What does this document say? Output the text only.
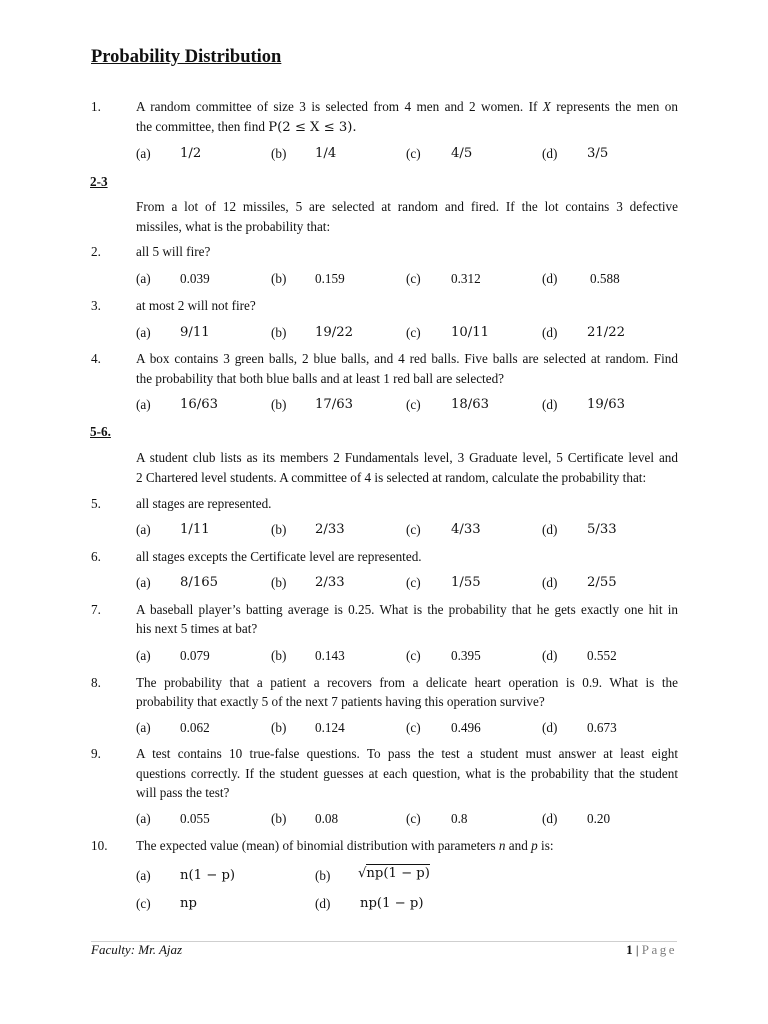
Probability Distribution
1.	A random committee of size 3 is selected from 4 men and 2 women. If X represents the men on
the committee, then find P(2 ≤ X ≤ 3).
(a) 1/2	(b) 1/4	(c) 4/5	(d) 3/5
2-3
From a lot of 12 missiles, 5 are selected at random and fired. If the lot contains 3 defective
missiles, what is the probability that:
2.	all 5 will fire?
(a) 0.039	(b) 0.159	(c) 0.312	(d) 0.588
3.	at most 2 will not fire?
(a) 9/11	(b) 19/22	(c) 10/11	(d) 21/22
4.	A box contains 3 green balls, 2 blue balls, and 4 red balls. Five balls are selected at random. Find
the probability that both blue balls and at least 1 red ball are selected?
(a) 16/63	(b) 17/63	(c) 18/63	(d) 19/63
5-6.
A student club lists as its members 2 Fundamentals level, 3 Graduate level, 5 Certificate level and
2 Chartered level students. A committee of 4 is selected at random, calculate the probability that:
5.	all stages are represented.
(a) 1/11	(b) 2/33	(c) 4/33	(d) 5/33
6.	all stages excepts the Certificate level are represented.
(a) 8/165	(b) 2/33	(c) 1/55	(d) 2/55
7.	A baseball player’s batting average is 0.25. What is the probability that he gets exactly one hit in
his next 5 times at bat?
(a) 0.079	(b) 0.143	(c) 0.395	(d) 0.552
8.	The probability that a patient a recovers from a delicate heart operation is 0.9. What is the
probability that exactly 5 of the next 7 patients having this operation survive?
(a) 0.062	(b) 0.124	(c) 0.496	(d) 0.673
9.	A test contains 10 true-false questions. To pass the test a student must answer at least eight
questions correctly. If the student guesses at each question, what is the probability that the student
will pass the test?
(a) 0.055	(b) 0.08	(c) 0.8	(d) 0.20
10. The expected value (mean) of binomial distribution with parameters n and p is:
(a) n(1 − p)	(b) √np(1 − p)
(c) np	(d) np(1 − p)
Faculty: Mr. Ajaz	1 | Page
